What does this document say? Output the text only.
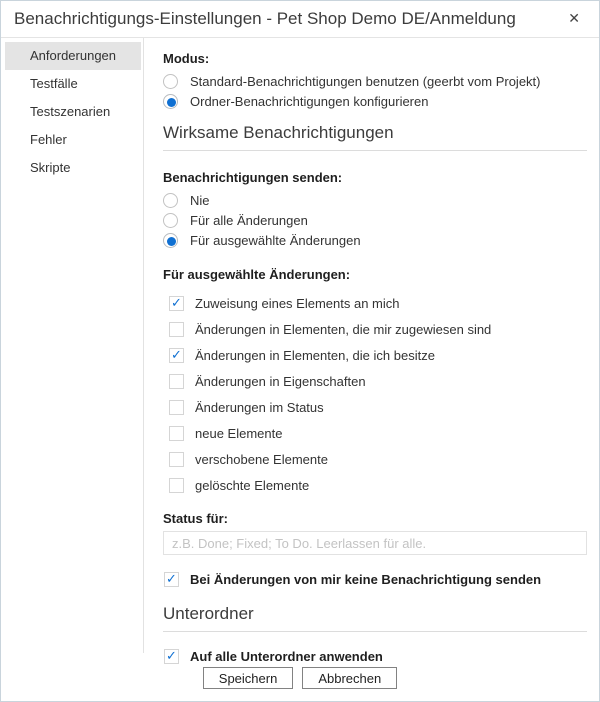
Benachrichtigungs-Einstellungen - Pet Shop Demo DE/Anmeldung	✕
Anforderungen
Testfälle
Testszenarien
Fehler
Skripte
Modus:
Standard-Benachrichtigungen benutzen (geerbt vom Projekt)
Ordner-Benachrichtigungen konfigurieren
Wirksame Benachrichtigungen
Benachrichtigungen senden:
Nie
Für alle Änderungen
Für ausgewählte Änderungen
Für ausgewählte Änderungen:
✓ Zuweisung eines Elements an mich
Änderungen in Elementen, die mir zugewiesen sind
✓ Änderungen in Elementen, die ich besitze
Änderungen in Eigenschaften
Änderungen im Status
neue Elemente
verschobene Elemente
gelöschte Elemente
Status für:
z.B. Done; Fixed; To Do. Leerlassen für alle.
✓ Bei Änderungen von mir keine Benachrichtigung senden
Unterordner
✓ Auf alle Unterordner anwenden
Speichern	Abbrechen
